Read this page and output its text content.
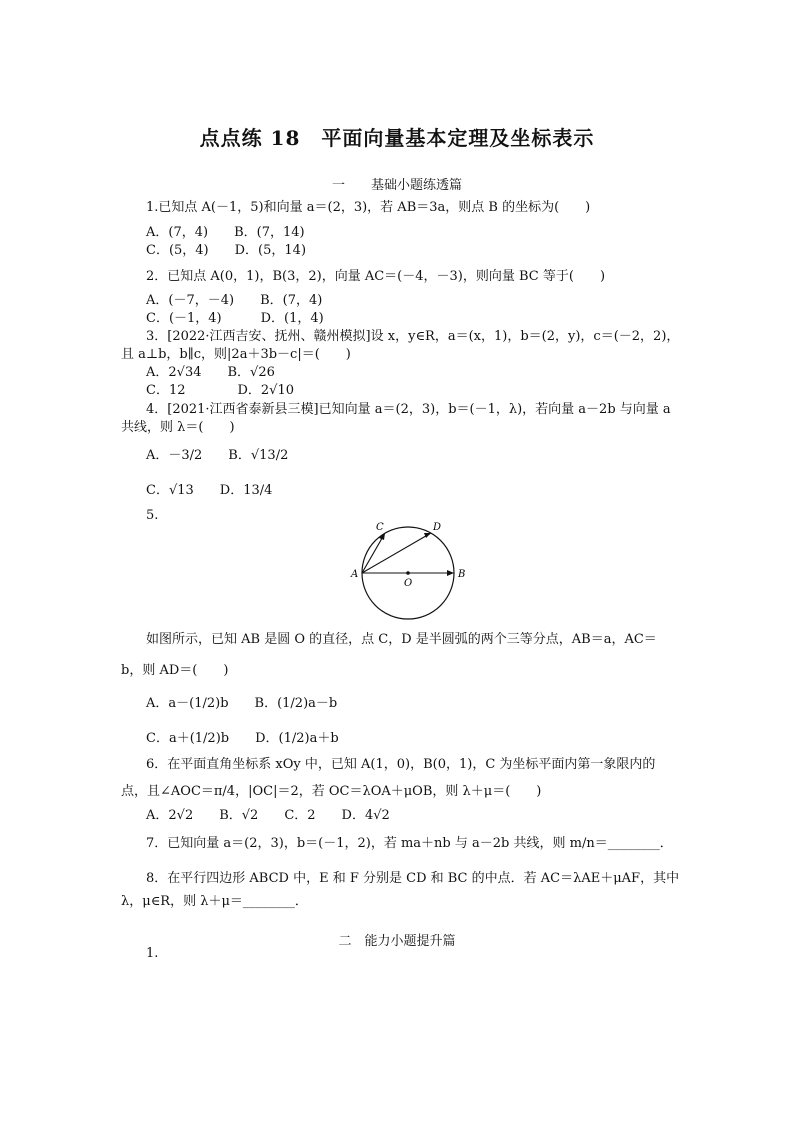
点点练 18　平面向量基本定理及坐标表示
一　　基础小题练透篇
1.已知点 A(－1，5)和向量 a＝(2，3)，若 AB＝3a，则点 B 的坐标为(　　)
A．(7，4)　　B．(7，14)
C．(5，4)　　D．(5，14)
2．已知点 A(0，1)，B(3，2)，向量 AC＝(－4，－3)，则向量 BC 等于(　　)
A．(－7，－4)　　B．(7，4)
C．(－1，4)　　　D．(1，4)
3．[2022·江西吉安、抚州、赣州模拟]设 x，y∈R，a＝(x，1)，b＝(2，y)，c＝(－2，2)，
且 a⊥b，b∥c，则|2a＋3b－c|＝(　　)
A．2√34　　B．√26
C．12　　　　D．2√10
4．[2021·江西省泰新县三模]已知向量 a＝(2，3)，b＝(－1，λ)，若向量 a－2b 与向量 a
共线，则 λ＝(　　)
A．－3/2　　B．√13/2
C．√13　　D．13/4
5.
A	B
C	D
O
如图所示，已知 AB 是圆 O 的直径，点 C，D 是半圆弧的两个三等分点，AB＝a，AC＝
b，则 AD＝(　　)
A．a－(1/2)b　　B．(1/2)a－b
C．a＋(1/2)b　　D．(1/2)a＋b
6．在平面直角坐标系 xOy 中，已知 A(1，0)，B(0，1)，C 为坐标平面内第一象限内的
点，且∠AOC＝π/4，|OC|＝2，若 OC＝λOA＋μOB，则 λ＋μ＝(　　)
A．2√2　　B．√2　　C．2　　D．4√2
7．已知向量 a＝(2，3)，b＝(－1，2)，若 ma＋nb 与 a－2b 共线，则 m/n＝________．
8．在平行四边形 ABCD 中，E 和 F 分别是 CD 和 BC 的中点．若 AC＝λAE＋μAF，其中
λ，μ∈R，则 λ＋μ＝________．
二　能力小题提升篇
1.
